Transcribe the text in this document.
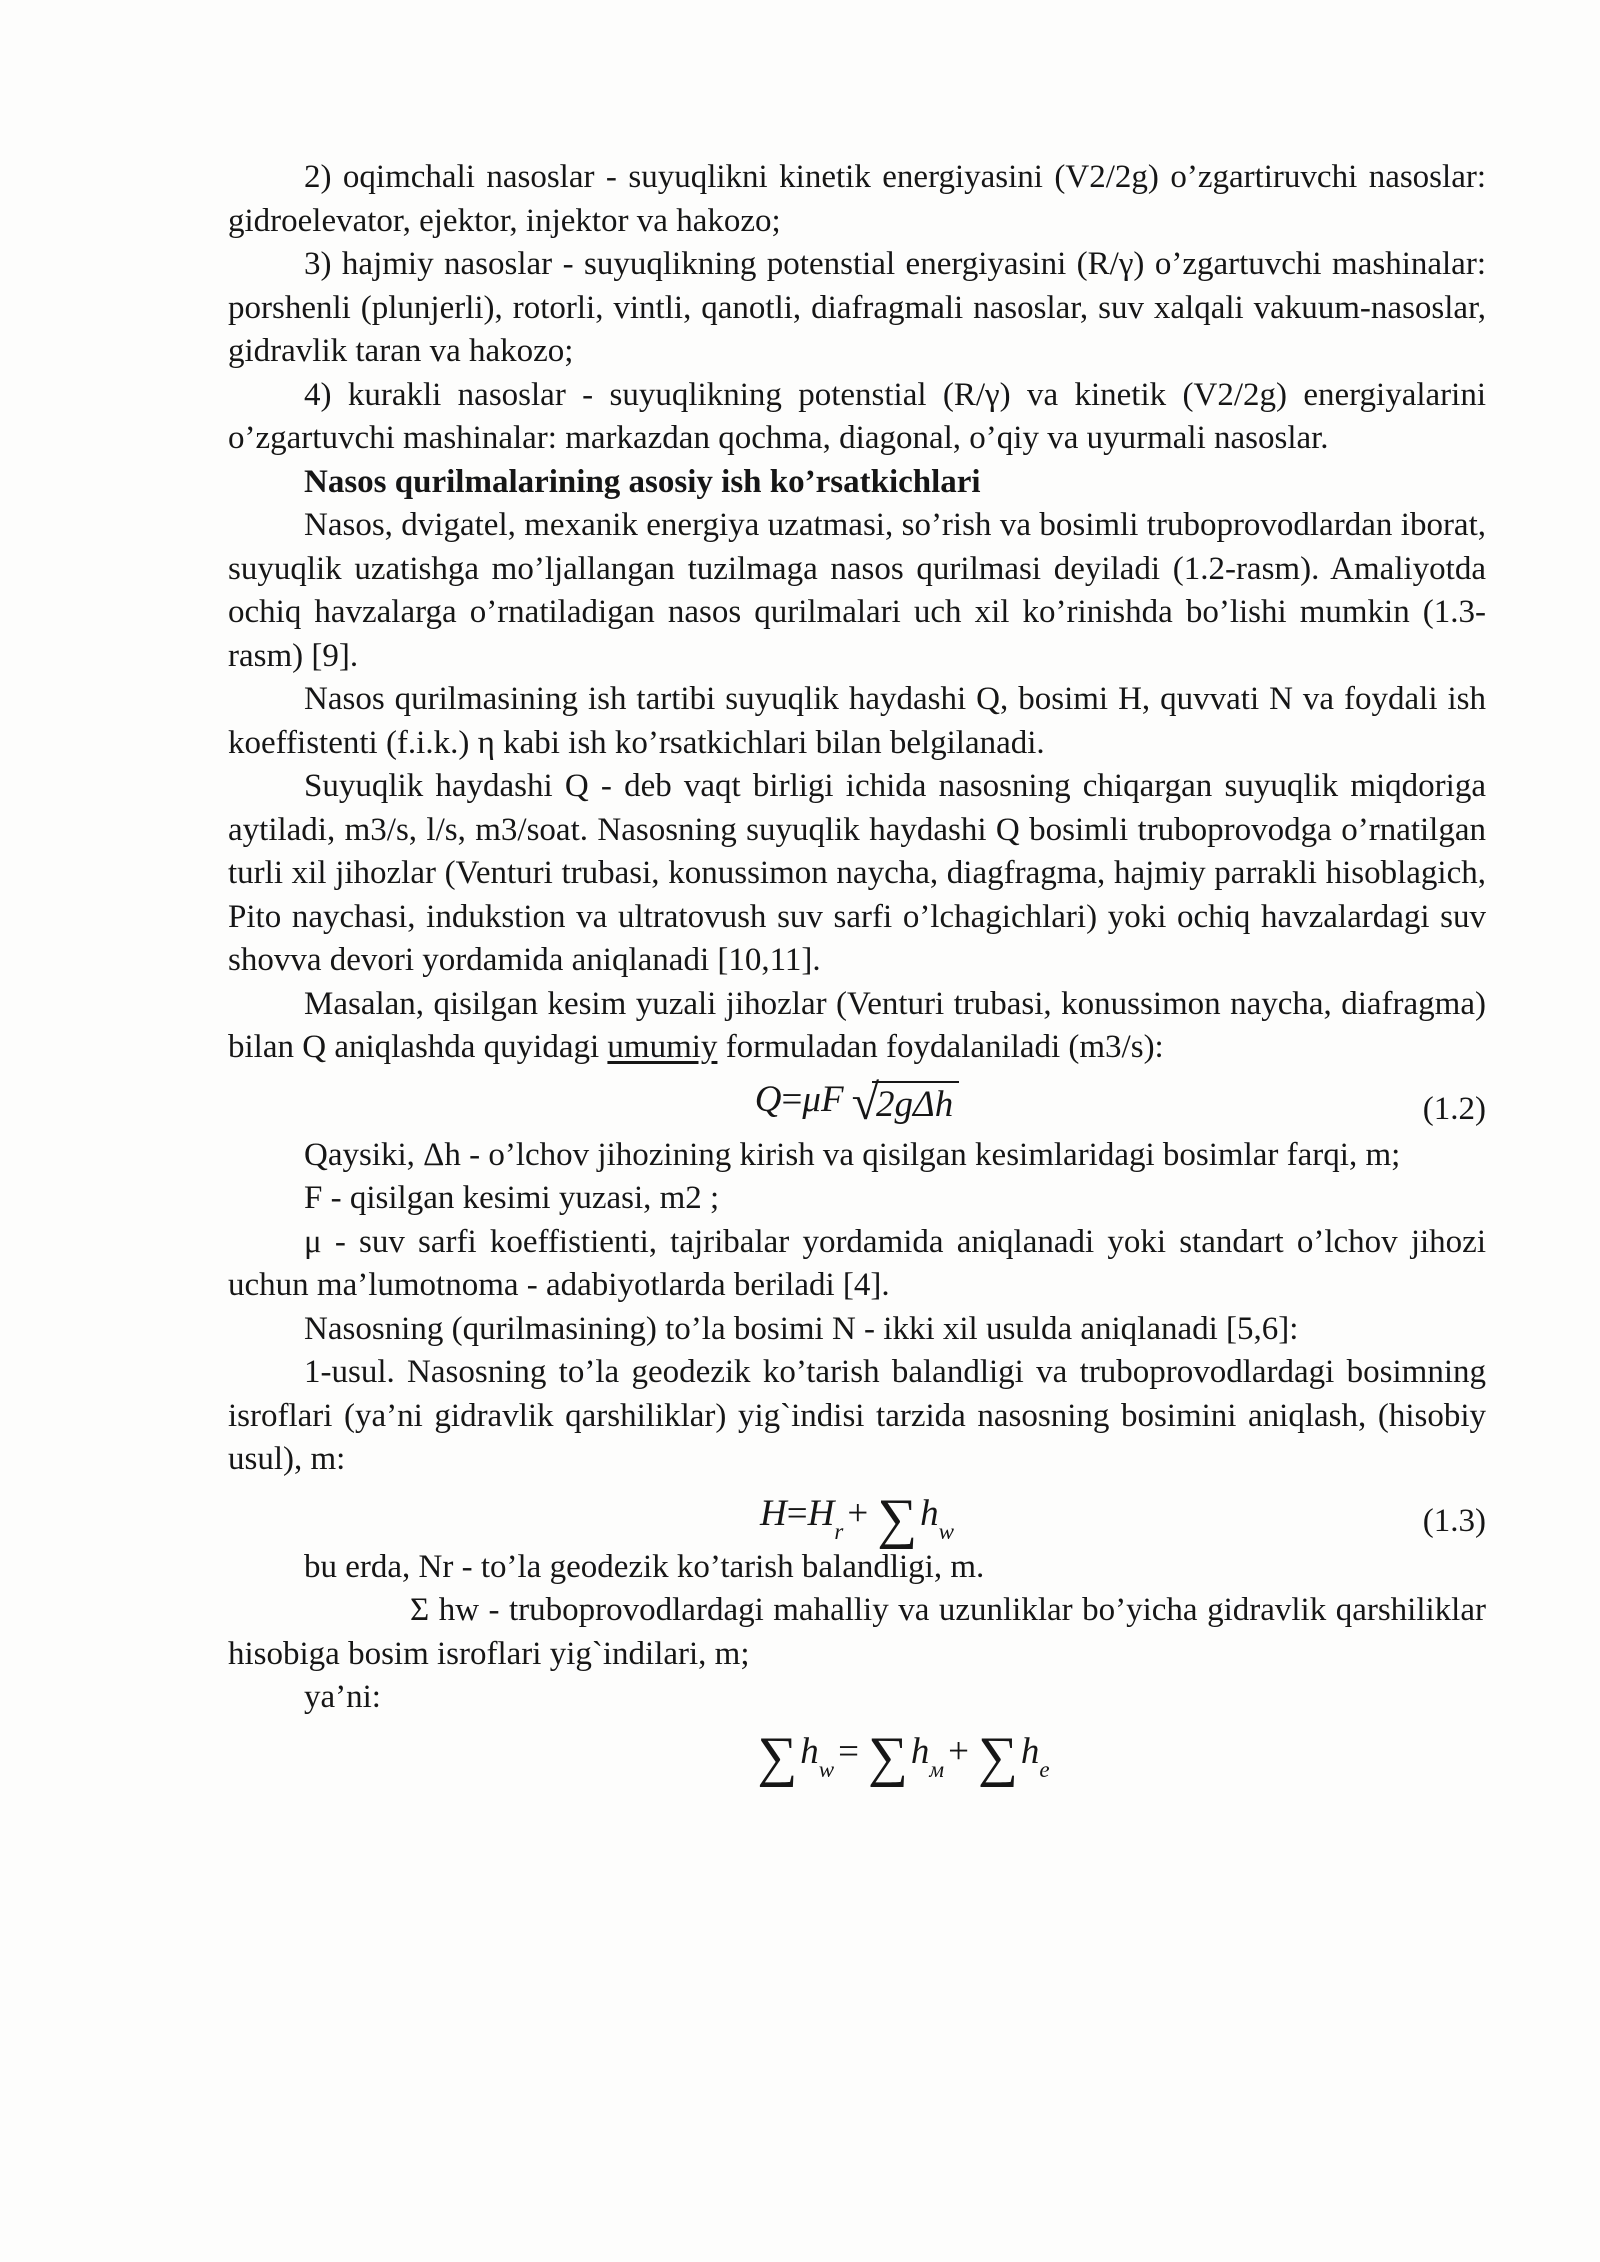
2) oqimchali nasoslar - suyuqlikni kinetik energiyasini (V2/2g) o’zgartiruvchi nasoslar: gidroelevator, ejektor, injektor va hakozo;

3) hajmiy nasoslar - suyuqlikning potenstial energiyasini (R/γ) o’zgartuvchi mashinalar: porshenli (plunjerli), rotorli, vintli, qanotli, diafragmali nasoslar, suv xalqali vakuum-nasoslar, gidravlik taran va hakozo;

4) kurakli nasoslar - suyuqlikning potenstial (R/γ) va kinetik (V2/2g) energiyalarini o’zgartuvchi mashinalar: markazdan qochma, diagonal, o’qiy va uyurmali nasoslar.

Nasos qurilmalarining asosiy ish ko’rsatkichlari

Nasos, dvigatel, mexanik energiya uzatmasi, so’rish va bosimli truboprovodlardan iborat, suyuqlik uzatishga mo’ljallangan tuzilmaga nasos qurilmasi deyiladi (1.2-rasm). Amaliyotda ochiq havzalarga o’rnatiladigan nasos qurilmalari uch xil ko’rinishda bo’lishi mumkin (1.3-rasm) [9].

Nasos qurilmasining ish tartibi suyuqlik haydashi Q, bosimi H, quvvati N va foydali ish koeffistenti (f.i.k.) η kabi ish ko’rsatkichlari bilan belgilanadi.

Suyuqlik haydashi Q - deb vaqt birligi ichida nasosning chiqargan suyuqlik miqdoriga aytiladi, m3/s, l/s, m3/soat. Nasosning suyuqlik haydashi Q bosimli truboprovodga o’rnatilgan turli xil jihozlar (Venturi trubasi, konussimon naycha, diagfragma, hajmiy parrakli hisoblagich, Pito naychasi, indukstion va ultratovush suv sarfi o’lchagichlari) yoki ochiq havzalardagi suv shovva devori yordamida aniqlanadi [10,11].

Masalan, qisilgan kesim yuzali jihozlar (Venturi trubasi, konussimon naycha, diafragma) bilan Q aniqlashda quyidagi umumiy formuladan foydalaniladi (m3/s):

Q=μF √2gΔh	(1.2)

Qaysiki, Δh - o’lchov jihozining kirish va qisilgan kesimlaridagi bosimlar farqi, m;

F - qisilgan kesimi yuzasi, m2 ;

μ - suv sarfi koeffistienti, tajribalar yordamida aniqlanadi yoki standart o’lchov jihozi uchun ma’lumotnoma - adabiyotlarda beriladi [4].

Nasosning (qurilmasining) to’la bosimi N - ikki xil usulda aniqlanadi [5,6]:

1-usul. Nasosning to’la geodezik ko’tarish balandligi va truboprovodlardagi bosimning isroflari (ya’ni gidravlik qarshiliklar) yig`indisi tarzida nasosning bosimini aniqlash, (hisobiy usul), m:

$H=H_r + \sum h_w$	(1.3)

bu erda, Nr - to’la geodezik ko’tarish balandligi, m.

Σ hw - truboprovodlardagi mahalliy va uzunliklar bo’yicha gidravlik qarshiliklar hisobiga bosim isroflari yig`indilari, m;

ya’ni:

$\sum h_w = \sum h_м + \sum h_e$
